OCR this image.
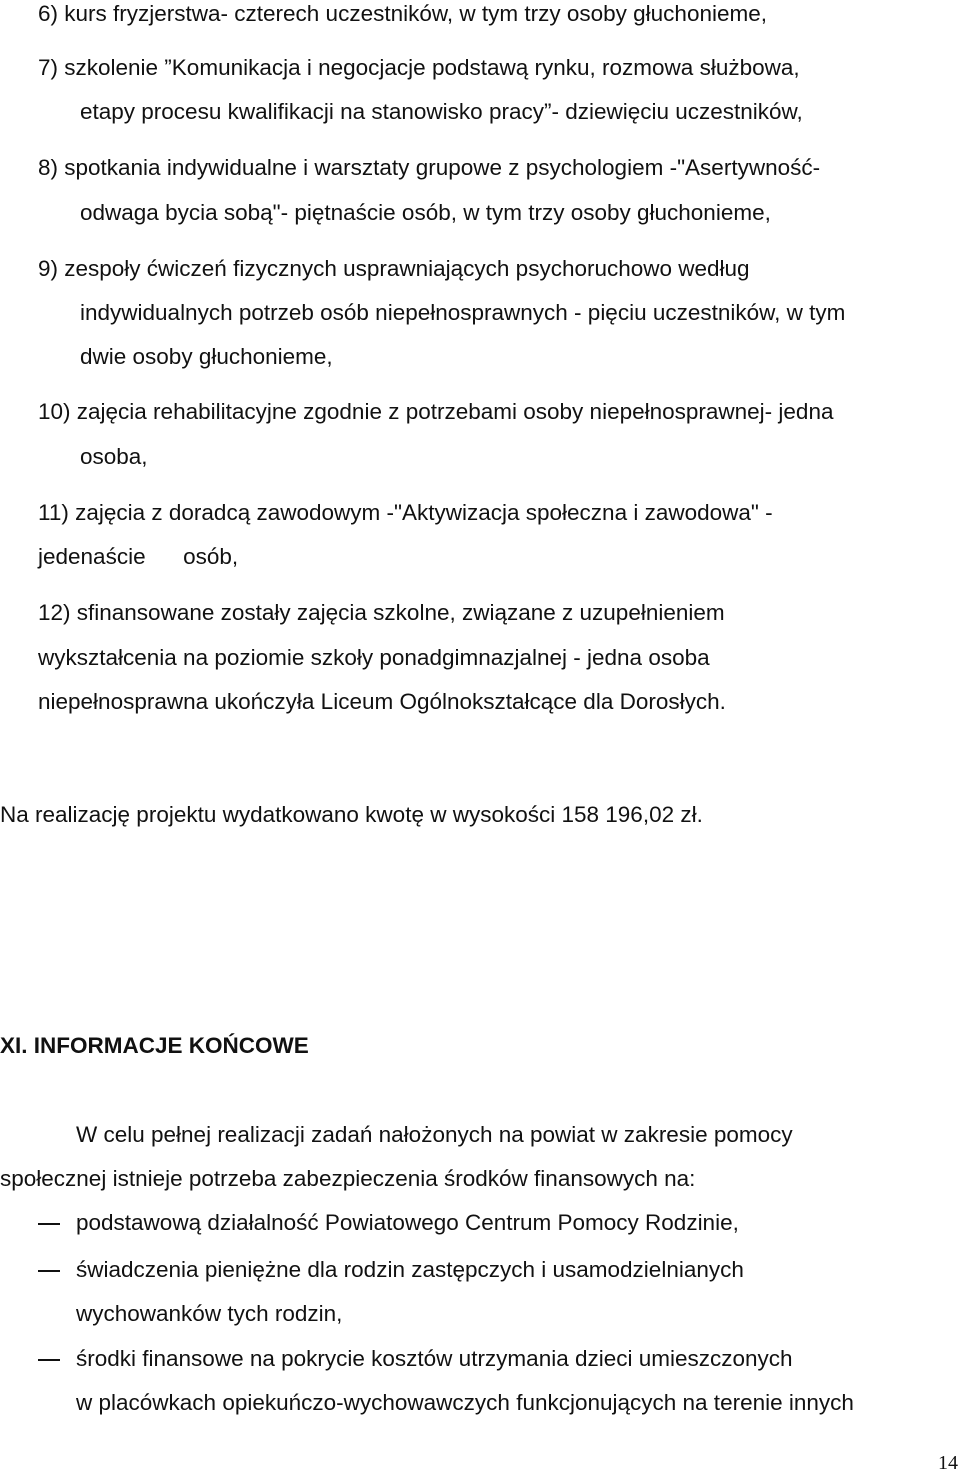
6) kurs fryzjerstwa- czterech uczestników, w tym trzy osoby głuchonieme,
7) szkolenie ”Komunikacja i negocjacje podstawą rynku, rozmowa służbowa,
etapy procesu kwalifikacji na stanowisko pracy”- dziewięciu uczestników,
8) spotkania indywidualne i warsztaty grupowe z psychologiem -"Asertywność-
odwaga bycia sobą"- piętnaście osób, w tym trzy osoby głuchonieme,
9) zespoły ćwiczeń fizycznych usprawniających psychoruchowo według
indywidualnych potrzeb osób niepełnosprawnych - pięciu uczestników, w tym
dwie osoby głuchonieme,
10) zajęcia rehabilitacyjne zgodnie z potrzebami osoby niepełnosprawnej- jedna
osoba,
11) zajęcia z doradcą zawodowym -"Aktywizacja społeczna i zawodowa" -
jedenaście      osób,
12) sfinansowane zostały zajęcia szkolne, związane z uzupełnieniem
wykształcenia na poziomie szkoły ponadgimnazjalnej - jedna osoba
niepełnosprawna ukończyła Liceum Ogólnokształcące dla Dorosłych.
Na realizację projektu wydatkowano kwotę w wysokości 158 196,02 zł.
XI. INFORMACJE KOŃCOWE
W celu pełnej realizacji zadań nałożonych na powiat w zakresie pomocy
społecznej istnieje potrzeba zabezpieczenia środków finansowych na:
podstawową działalność Powiatowego Centrum Pomocy Rodzinie,
świadczenia pieniężne dla rodzin zastępczych i usamodzielnianych
wychowanków tych rodzin,
środki finansowe na pokrycie kosztów utrzymania dzieci umieszczonych
w placówkach opiekuńczo-wychowawczych funkcjonujących na terenie innych
14
